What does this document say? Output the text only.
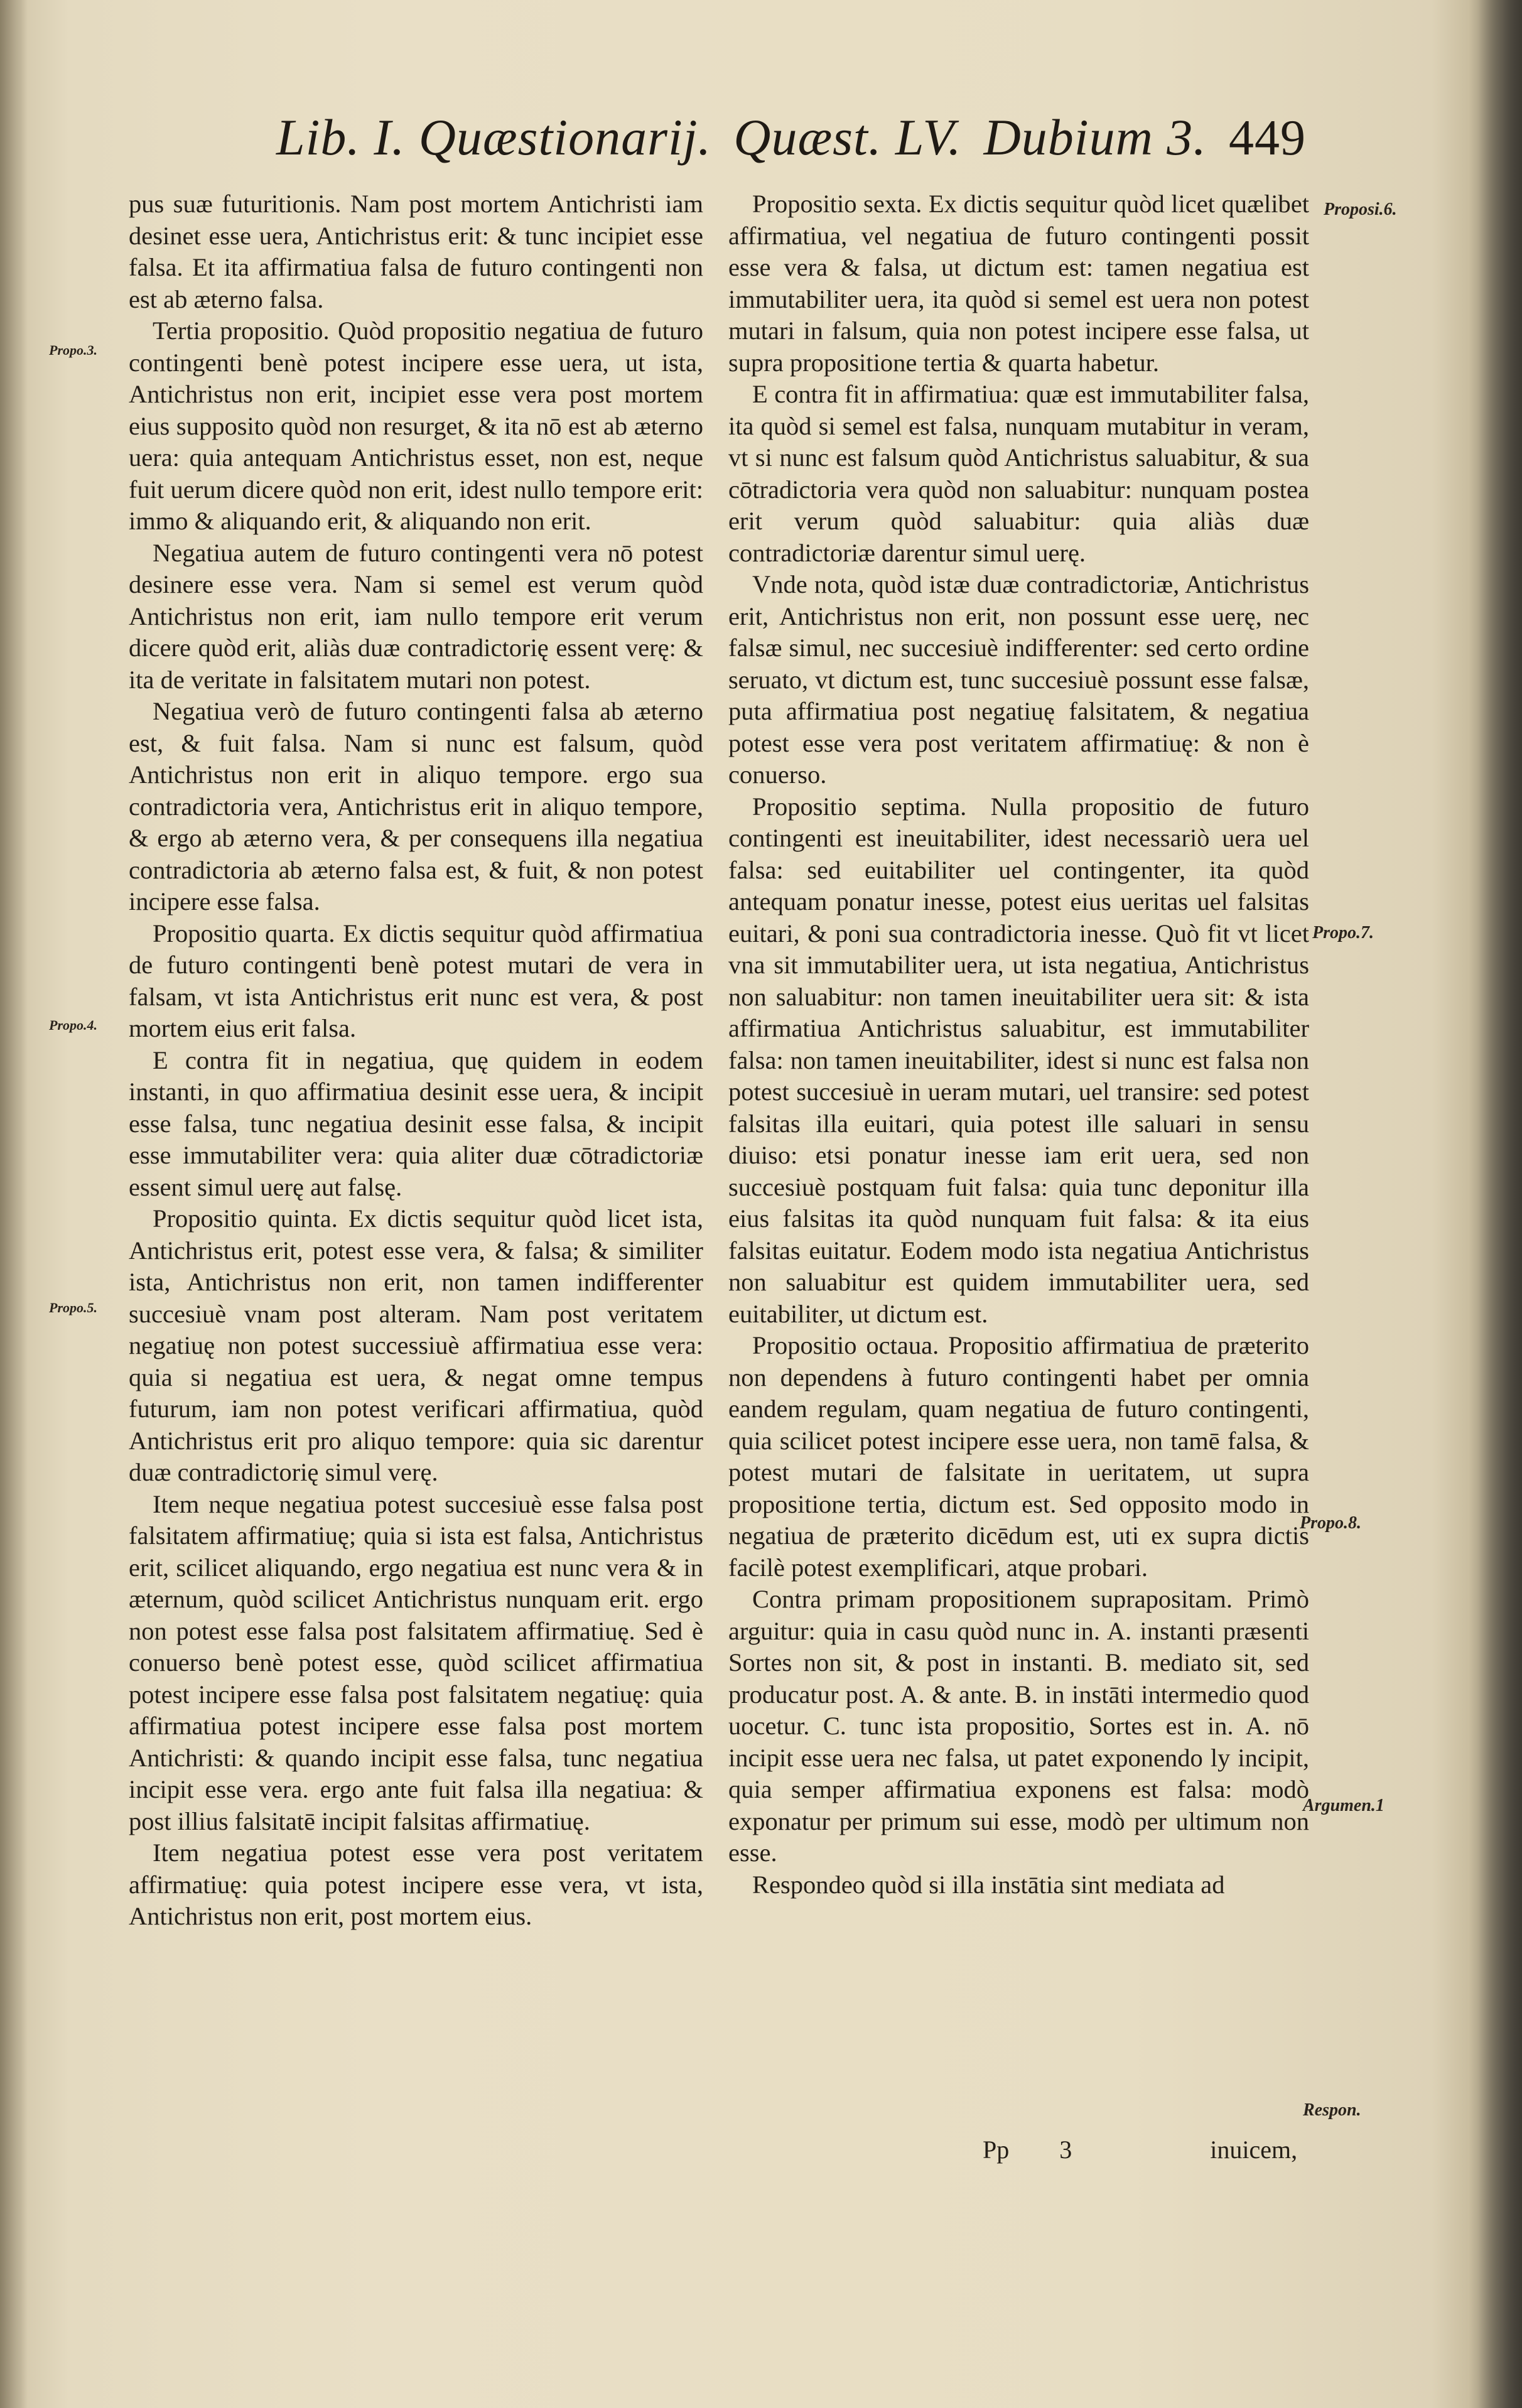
Lib. I. Quæstionarij. Quæst. LV. Dubium 3. 449

pus suæ futuritionis. Nam post mortem Antichristi iam desinet esse uera, Antichristus erit: & tunc incipiet esse falsa. Et ita affirmatiua falsa de futuro contingenti non est ab æterno falsa.

Tertia propositio. Quòd propositio negatiua de futuro contingenti benè potest incipere esse uera, ut ista, Antichristus non erit, incipiet esse vera post mortem eius supposito quòd non resurget, & ita nō est ab æterno uera: quia antequam Antichristus esset, non est, neque fuit uerum dicere quòd non erit, idest nullo tempore erit: immo & aliquando erit, & aliquando non erit.

Negatiua autem de futuro contingenti vera nō potest desinere esse vera. Nam si semel est verum quòd Antichristus non erit, iam nullo tempore erit verum dicere quòd erit, aliàs duæ contradictorię essent verę: & ita de veritate in falsitatem mutari non potest.

Negatiua verò de futuro contingenti falsa ab æterno est, & fuit falsa. Nam si nunc est falsum, quòd Antichristus non erit in aliquo tempore. ergo sua contradictoria vera, Antichristus erit in aliquo tempore, & ergo ab æterno vera, & per consequens illa negatiua contradictoria ab æterno falsa est, & fuit, & non potest incipere esse falsa.

Propositio quarta. Ex dictis sequitur quòd affirmatiua de futuro contingenti benè potest mutari de vera in falsam, vt ista Antichristus erit nunc est vera, & post mortem eius erit falsa.

E contra fit in negatiua, quę quidem in eodem instanti, in quo affirmatiua desinit esse uera, & incipit esse falsa, tunc negatiua desinit esse falsa, & incipit esse immutabiliter vera: quia aliter duæ cōtradictoriæ essent simul uerę aut falsę.

Propositio quinta. Ex dictis sequitur quòd licet ista, Antichristus erit, potest esse vera, & falsa; & similiter ista, Antichristus non erit, non tamen indifferenter succesiuè vnam post alteram. Nam post veritatem negatiuę non potest successiuè affirmatiua esse vera: quia si negatiua est uera, & negat omne tempus futurum, iam non potest verificari affirmatiua, quòd Antichristus erit pro aliquo tempore: quia sic darentur duæ contradictorię simul verę.

Item neque negatiua potest succesiuè esse falsa post falsitatem affirmatiuę; quia si ista est falsa, Antichristus erit, scilicet aliquando, ergo negatiua est nunc vera & in æternum, quòd scilicet Antichristus nunquam erit. ergo non potest esse falsa post falsitatem affirmatiuę. Sed è conuerso benè potest esse, quòd scilicet affirmatiua potest incipere esse falsa post falsitatem negatiuę: quia affirmatiua potest incipere esse falsa post mortem Antichristi: & quando incipit esse falsa, tunc negatiua incipit esse vera. ergo ante fuit falsa illa negatiua: & post illius falsitatē incipit falsitas affirmatiuę.

Item negatiua potest esse vera post veritatem affirmatiuę: quia potest incipere esse vera, vt ista, Antichristus non erit, post mortem eius.

Propositio sexta. Ex dictis sequitur quòd licet quælibet affirmatiua, vel negatiua de futuro contingenti possit esse vera & falsa, ut dictum est: tamen negatiua est immutabiliter uera, ita quòd si semel est uera non potest mutari in falsum, quia non potest incipere esse falsa, ut supra propositione tertia & quarta habetur.

E contra fit in affirmatiua: quæ est immutabiliter falsa, ita quòd si semel est falsa, nunquam mutabitur in veram, vt si nunc est falsum quòd Antichristus saluabitur, & sua cōtradictoria vera quòd non saluabitur: nunquam postea erit verum quòd saluabitur: quia aliàs duæ contradictoriæ darentur simul uerę.

Vnde nota, quòd istæ duæ contradictoriæ, Antichristus erit, Antichristus non erit, non possunt esse uerę, nec falsæ simul, nec succesiuè indifferenter: sed certo ordine seruato, vt dictum est, tunc succesiuè possunt esse falsæ, puta affirmatiua post negatiuę falsitatem, & negatiua potest esse vera post veritatem affirmatiuę: & non è conuerso.

Propositio septima. Nulla propositio de futuro contingenti est ineuitabiliter, idest necessariò uera uel falsa: sed euitabiliter uel contingenter, ita quòd antequam ponatur inesse, potest eius ueritas uel falsitas euitari, & poni sua contradictoria inesse. Quò fit vt licet vna sit immutabiliter uera, ut ista negatiua, Antichristus non saluabitur: non tamen ineuitabiliter uera sit: & ista affirmatiua Antichristus saluabitur, est immutabiliter falsa: non tamen ineuitabiliter, idest si nunc est falsa non potest succesiuè in ueram mutari, uel transire: sed potest falsitas illa euitari, quia potest ille saluari in sensu diuiso: etsi ponatur inesse iam erit uera, sed non succesiuè postquam fuit falsa: quia tunc deponitur illa eius falsitas ita quòd nunquam fuit falsa: & ita eius falsitas euitatur. Eodem modo ista negatiua Antichristus non saluabitur est quidem immutabiliter uera, sed euitabiliter, ut dictum est.

Propositio octaua. Propositio affirmatiua de præterito non dependens à futuro contingenti habet per omnia eandem regulam, quam negatiua de futuro contingenti, quia scilicet potest incipere esse uera, non tamē falsa, & potest mutari de falsitate in ueritatem, ut supra propositione tertia, dictum est. Sed opposito modo in negatiua de præterito dicēdum est, uti ex supra dictis facilè potest exemplificari, atque probari.

Contra primam propositionem suprapositam. Primò arguitur: quia in casu quòd nunc in. A. instanti præsenti Sortes non sit, & post in instanti. B. mediato sit, sed producatur post. A. & ante. B. in instāti intermedio quod uocetur. C. tunc ista propositio, Sortes est in. A. nō incipit esse uera nec falsa, ut patet exponendo ly incipit, quia semper affirmatiua exponens est falsa: modò exponatur per primum sui esse, modò per ultimum non esse.

Respondeo quòd si illa instātia sint mediata ad

Pp 3	inuicem,
Proposi.6.
Propo.7.
Propo.8.
Argumen.1
Respon.
Propo.3.
Propo.4.
Propo.5.
